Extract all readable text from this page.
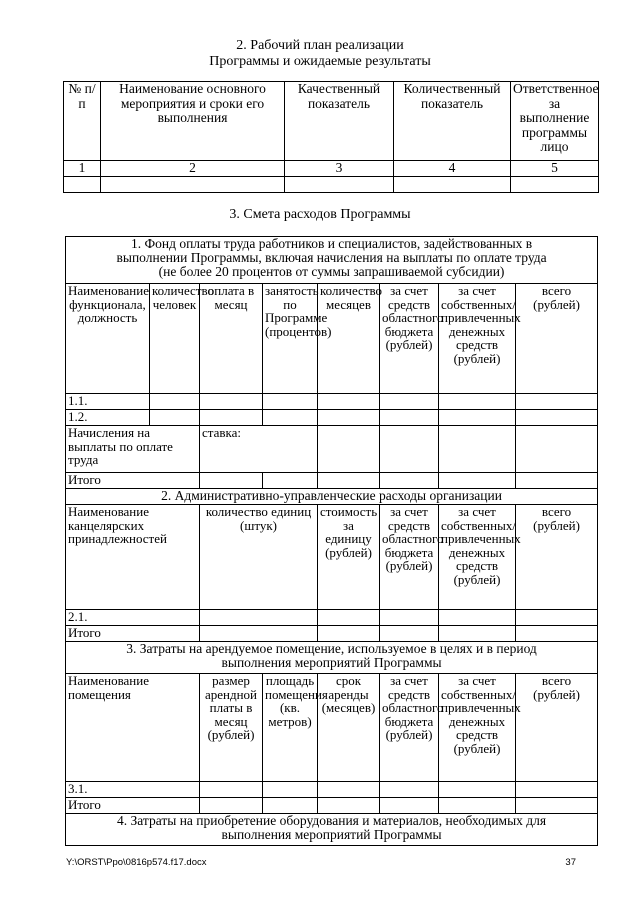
2. Рабочий план реализации
Программы и ожидаемые результаты
№ п/п	Наименование основного мероприятия и сроки его выполнения	Качественный показатель	Количественный показатель	Ответственное за выполнение программы лицо
1	2	3	4	5

3. Смета расходов Программы
1. Фонд оплаты труда работников и специалистов, задействованных в
выполнении Программы, включая начисления на выплаты по оплате труда
(не более 20 процентов от суммы запрашиваемой субсидии)							

Наименование функционала, должность	количество человек	оплата в месяц	занятость по Программе (процентов)	количество месяцев	за счет средств областного бюджета (рублей)	за счет собственных/ привлеченных денежных средств (рублей)	всего (рублей)
1.1.							
1.2.							
Начисления на выплаты по оплате труда		ставка:					
Итого							
2. Административно-управленческие расходы организации							
Наименование канцелярских принадлежностей		количество единиц (штук)		стоимость за единицу (рублей)	за счет средств областного бюджета (рублей)	за счет собственных/ привлеченных денежных средств (рублей)	всего (рублей)
2.1.							
Итого							

3. Затраты на арендуемое помещение, используемое в целях и в период
выполнения мероприятий Программы							

Наименование помещения		размер арендной платы в месяц (рублей)	площадь помещения (кв. метров)	срок аренды (месяцев)	за счет средств областного бюджета (рублей)	за счет собственных/ привлеченных денежных средств (рублей)	всего (рублей)
3.1.							
Итого							

4. Затраты на приобретение оборудования и материалов, необходимых для
выполнения мероприятий Программы							
Y:\ORST\Ppo\0816p574.f17.docx	37
